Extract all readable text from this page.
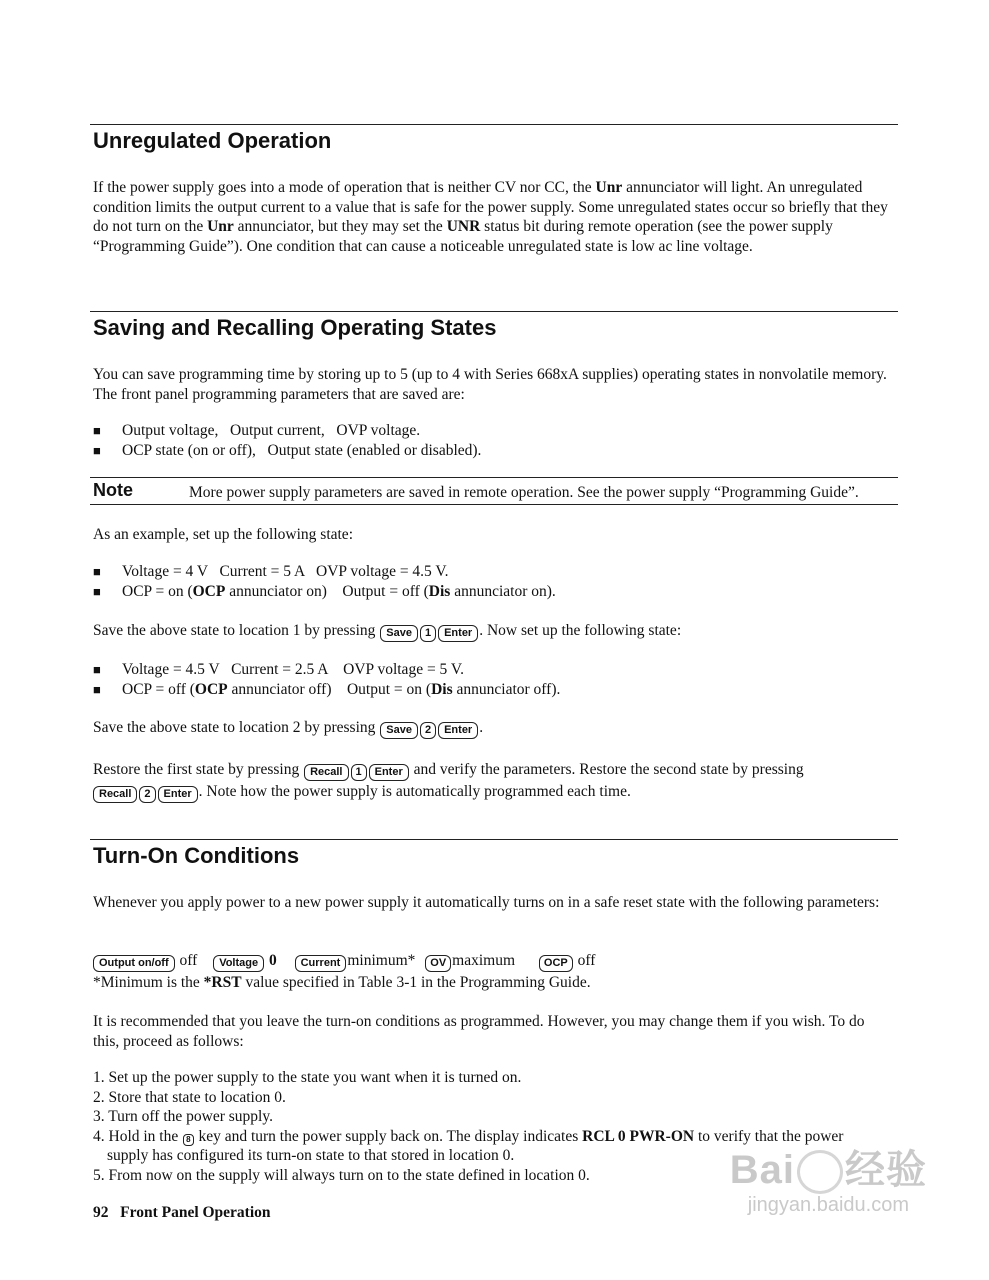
Unregulated Operation

If the power supply goes into a mode of operation that is neither CV nor CC, the Unr annunciator will light. An unregulated condition limits the output current to a value that is safe for the power supply. Some unregulated states occur so briefly that they do not turn on the Unr annunciator, but they may set the UNR status bit during remote operation (see the power supply “Programming Guide”). One condition that can cause a noticeable unregulated state is low ac line voltage.

Saving and Recalling Operating States

You can save programming time by storing up to 5 (up to 4 with Series 668xA supplies) operating states in nonvolatile memory. The front panel programming parameters that are saved are:

■ Output voltage,   Output current,   OVP voltage.
■ OCP state (on or off),   Output state (enabled or disabled).
Note	More power supply parameters are saved in remote operation. See the power supply “Programming Guide”.

As an example, set up the following state:

■ Voltage = 4 V   Current = 5 A   OVP voltage = 4.5 V.
■ OCP = on (OCP annunciator on)    Output = off (Dis annunciator on).

Save the above state to location 1 by pressing Save 1 Enter . Now set up the following state:

■ Voltage = 4.5 V   Current = 2.5 A    OVP voltage = 5 V.
■ OCP = off (OCP annunciator off)    Output = on (Dis annunciator off).

Save the above state to location 2 by pressing Save 2 Enter .

Restore the first state by pressing Recall 1 Enter and verify the parameters. Restore the second state by pressing
Recall 2 Enter . Note how the power supply is automatically programmed each time.

Turn-On Conditions

Whenever you apply power to a new power supply it automatically turns on in a safe reset state with the following parameters:

Output on/off off Voltage 0 Current minimum* OV maximum	OCP off

*Minimum is the *RST value specified in Table 3-1 in the Programming Guide.

It is recommended that you leave the turn-on conditions as programmed. However, you may change them if you wish. To do this, proceed as follows:

1. Set up the power supply to the state you want when it is turned on.
2. Store that state to location 0.
3. Turn off the power supply.
4. Hold in the 8 key and turn the power supply back on. The display indicates RCL 0 PWR-ON to verify that the power
supply has configured its turn-on state to that stored in location 0.
5. From now on the supply will always turn on to the state defined in location 0.
92   Front Panel Operation
Bai 经验
jingyan.baidu.com
